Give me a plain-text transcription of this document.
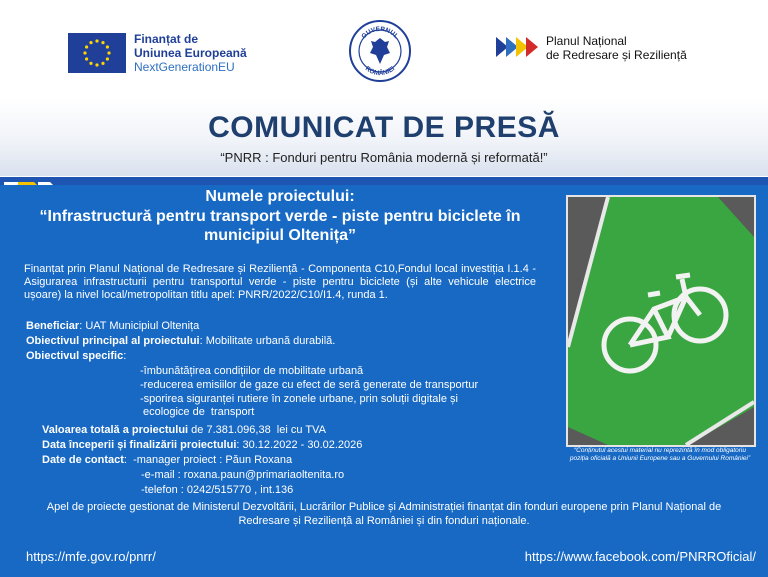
Finanțat de
Uniunea Europeană
NextGenerationEU
GUVERNUL
ROMÂNIEI
Planul Național
de Redresare și Reziliență
COMUNICAT DE PRESĂ
“PNRR : Fonduri pentru România modernă și reformată!”
Numele proiectului:
“Infrastructură pentru transport verde - piste pentru biciclete în municipiul Oltenița”
Finanțat prin Planul Național de Redresare și Reziliență - Componenta C10,Fondul local investiția I.1.4 - Asigurarea infrastructurii pentru transportul verde - piste pentru biciclete (și alte vehicule electrice ușoare) la nivel local/metropolitan titlu apel: PNRR/2022/C10/I1.4, runda 1.
Beneficiar: UAT Municipiul Oltenița
Obiectivul principal al proiectului: Mobilitate urbană durabilă.
Obiectivul specific:
-îmbunătățirea condițiilor de mobilitate urbană
-reducerea emisiilor de gaze cu efect de seră generate de transportur
-sporirea siguranței rutiere în zonele urbane, prin soluții digitale și
ecologice de  transport
Valoarea totală a proiectului de 7.381.096,38  lei cu TVA
Data începerii și finalizării proiectului: 30.12.2022 - 30.02.2026
Date de contact:  -manager proiect : Păun Roxana
-e-mail : roxana.paun@primariaoltenita.ro
-telefon : 0242/515770 , int.136
“Conținutul acestui material nu reprezintă în mod obligatoriu poziția oficială a Uniunii Europene sau a Guvernului României”
Apel de proiecte gestionat de Ministerul Dezvoltării, Lucrărilor Publice și Administrației finanțat din fonduri europene prin Planul Național de Redresare și Reziliență al României și din fonduri naționale.
https://mfe.gov.ro/pnrr/	https://www.facebook.com/PNRROficial/
